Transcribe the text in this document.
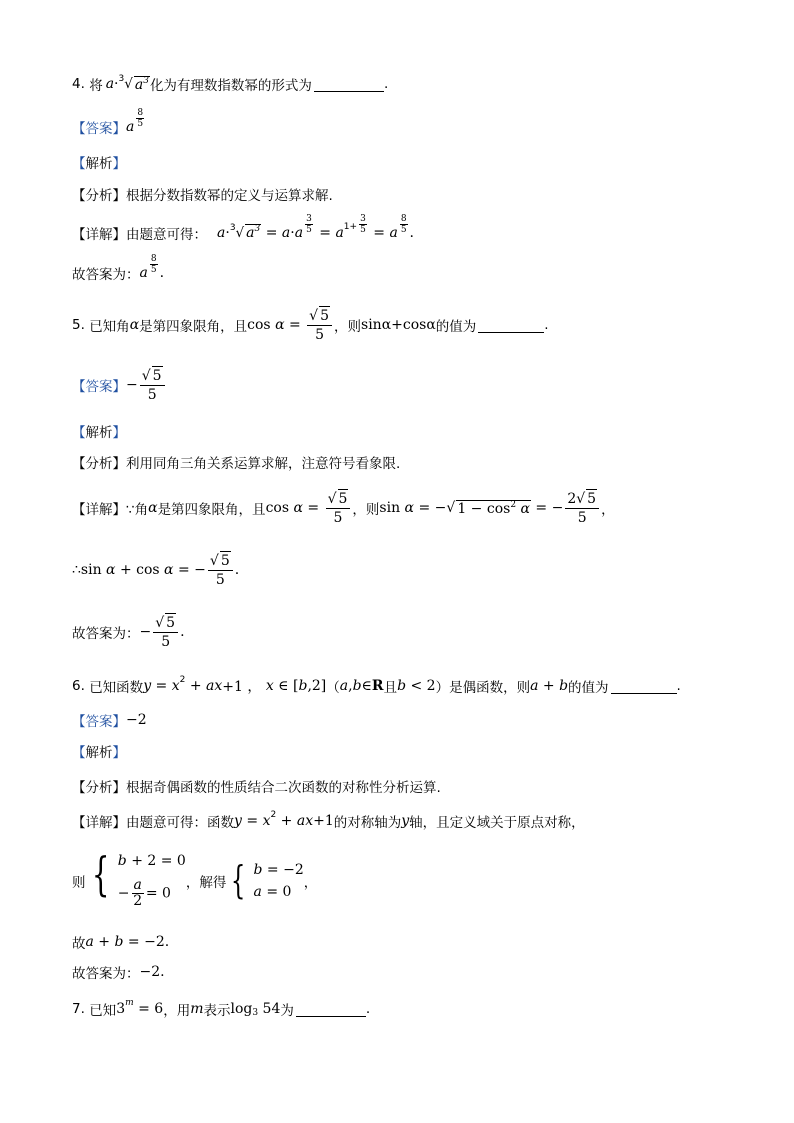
4.
将 a · 3 √ $a^3$ 化为有理数指数幂的形式为	.
【答案】 a $\frac{8}{5}$
【 解析 】
【分析】 根据分数指数幂的定义与运算求解.
【详解】 由题意可得： a · 3 √ $a^3 = a \cdot a \frac{3}{5} = a$ $1+ \frac{3}{5} = a \frac{8}{5}$ .
故答案为： a $\frac{8}{5}$ .
5.
已知角 α 是第四象限角，且 $\cos \alpha = \frac{√ 5}{5}$ ，则 sinα+cosα 的值为	.
【答案】 − $\frac{√ 5}{5}$
【 解析 】
【分析】 利用同角三角关系运算求解，注意符号看象限.
【详解】 ∵角 α 是第四象限角，且 $\cos \alpha = \frac{√ 5}{5}$ ，则 sin α = − √ $1 - \cos^2 \alpha$ = − $\frac{2√ 5}{5}$ ，
∴ sin α + cos α = − $\frac{√ 5}{5}$ .
故答案为： − $\frac{√ 5}{5}$ .
6.
已知函数 y = x 2 + ax +1 ， x ∈ [ b ,2] （ a , b ∈ R 且 b < 2 ）是偶函数，则 a + b 的值为	.
【答案】 −2
【 解析 】
【分析】 根据奇偶函数的性质结合二次函数的对称性分析运算.
【详解】 由题意可得：函数 y = x 2 + ax +1 的对称轴为 y 轴，且定义域关于原点对称，
则 { b + 2 = 0
− $\frac{a}{2} = 0$
，解得 { b = −2
a = 0
，
故 a + b = −2.
故答案为： −2 .
7.
已知 3 m = 6 ，用 m 表示 log 3 54 为	.
